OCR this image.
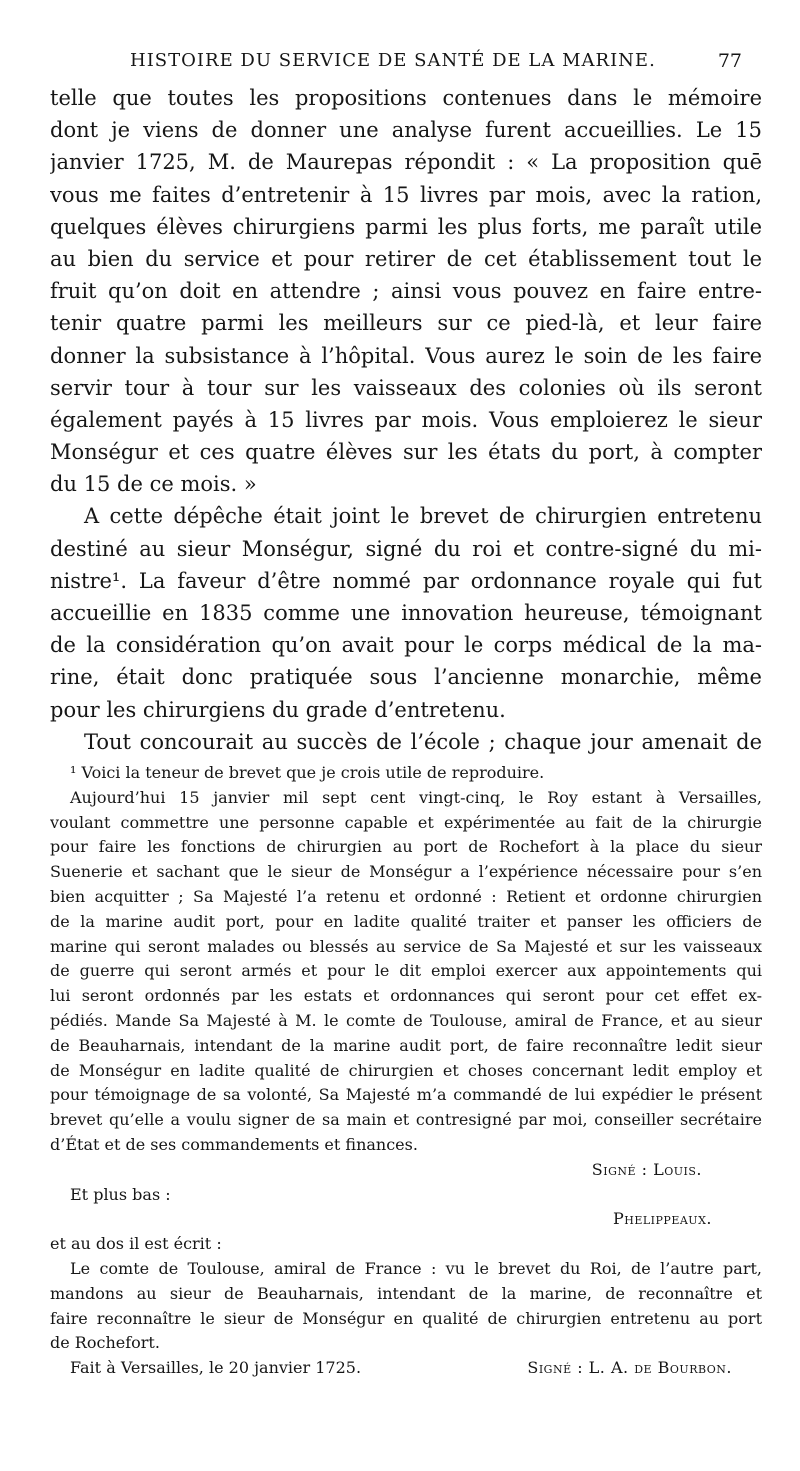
HISTOIRE DU SERVICE DE SANTÉ DE LA MARINE.	77
telle que toutes les propositions contenues dans le mémoire
dont je viens de donner une analyse furent accueillies. Le 15
janvier 1725, M. de Maurepas répondit : « La proposition quē
vous me faites d’entretenir à 15 livres par mois, avec la ration,
quelques élèves chirurgiens parmi les plus forts, me paraît utile
au bien du service et pour retirer de cet établissement tout le
fruit qu’on doit en attendre ; ainsi vous pouvez en faire entre-
tenir quatre parmi les meilleurs sur ce pied-là, et leur faire
donner la subsistance à l’hôpital. Vous aurez le soin de les faire
servir tour à tour sur les vaisseaux des colonies où ils seront
également payés à 15 livres par mois. Vous emploierez le sieur
Monségur et ces quatre élèves sur les états du port, à compter
du 15 de ce mois. »
A cette dépêche était joint le brevet de chirurgien entretenu
destiné au sieur Monségur, signé du roi et contre-signé du mi-
nistre¹. La faveur d’être nommé par ordonnance royale qui fut
accueillie en 1835 comme une innovation heureuse, témoignant
de la considération qu’on avait pour le corps médical de la ma-
rine, était donc pratiquée sous l’ancienne monarchie, même
pour les chirurgiens du grade d’entretenu.
Tout concourait au succès de l’école ; chaque jour amenait de
¹ Voici la teneur de brevet que je crois utile de reproduire.
Aujourd’hui 15 janvier mil sept cent vingt-cinq, le Roy estant à Versailles,
voulant commettre une personne capable et expérimentée au fait de la chirurgie
pour faire les fonctions de chirurgien au port de Rochefort à la place du sieur
Suenerie et sachant que le sieur de Monségur a l’expérience nécessaire pour s’en
bien acquitter ; Sa Majesté l’a retenu et ordonné : Retient et ordonne chirurgien
de la marine audit port, pour en ladite qualité traiter et panser les officiers de
marine qui seront malades ou blessés au service de Sa Majesté et sur les vaisseaux
de guerre qui seront armés et pour le dit emploi exercer aux appointements qui
lui seront ordonnés par les estats et ordonnances qui seront pour cet effet ex-
pédiés. Mande Sa Majesté à M. le comte de Toulouse, amiral de France, et au sieur
de Beauharnais, intendant de la marine audit port, de faire reconnaître ledit sieur
de Monségur en ladite qualité de chirurgien et choses concernant ledit employ et
pour témoignage de sa volonté, Sa Majesté m’a commandé de lui expédier le présent
brevet qu’elle a voulu signer de sa main et contresigné par moi, conseiller secrétaire
d’État et de ses commandements et finances.
Signé : Louis.
Et plus bas :
Phelippeaux.
et au dos il est écrit :
Le comte de Toulouse, amiral de France : vu le brevet du Roi, de l’autre part,
mandons au sieur de Beauharnais, intendant de la marine, de reconnaître et
faire reconnaître le sieur de Monségur en qualité de chirurgien entretenu au port
de Rochefort.
Fait à Versailles, le 20 janvier 1725.	Signé : L. A. de Bourbon.
